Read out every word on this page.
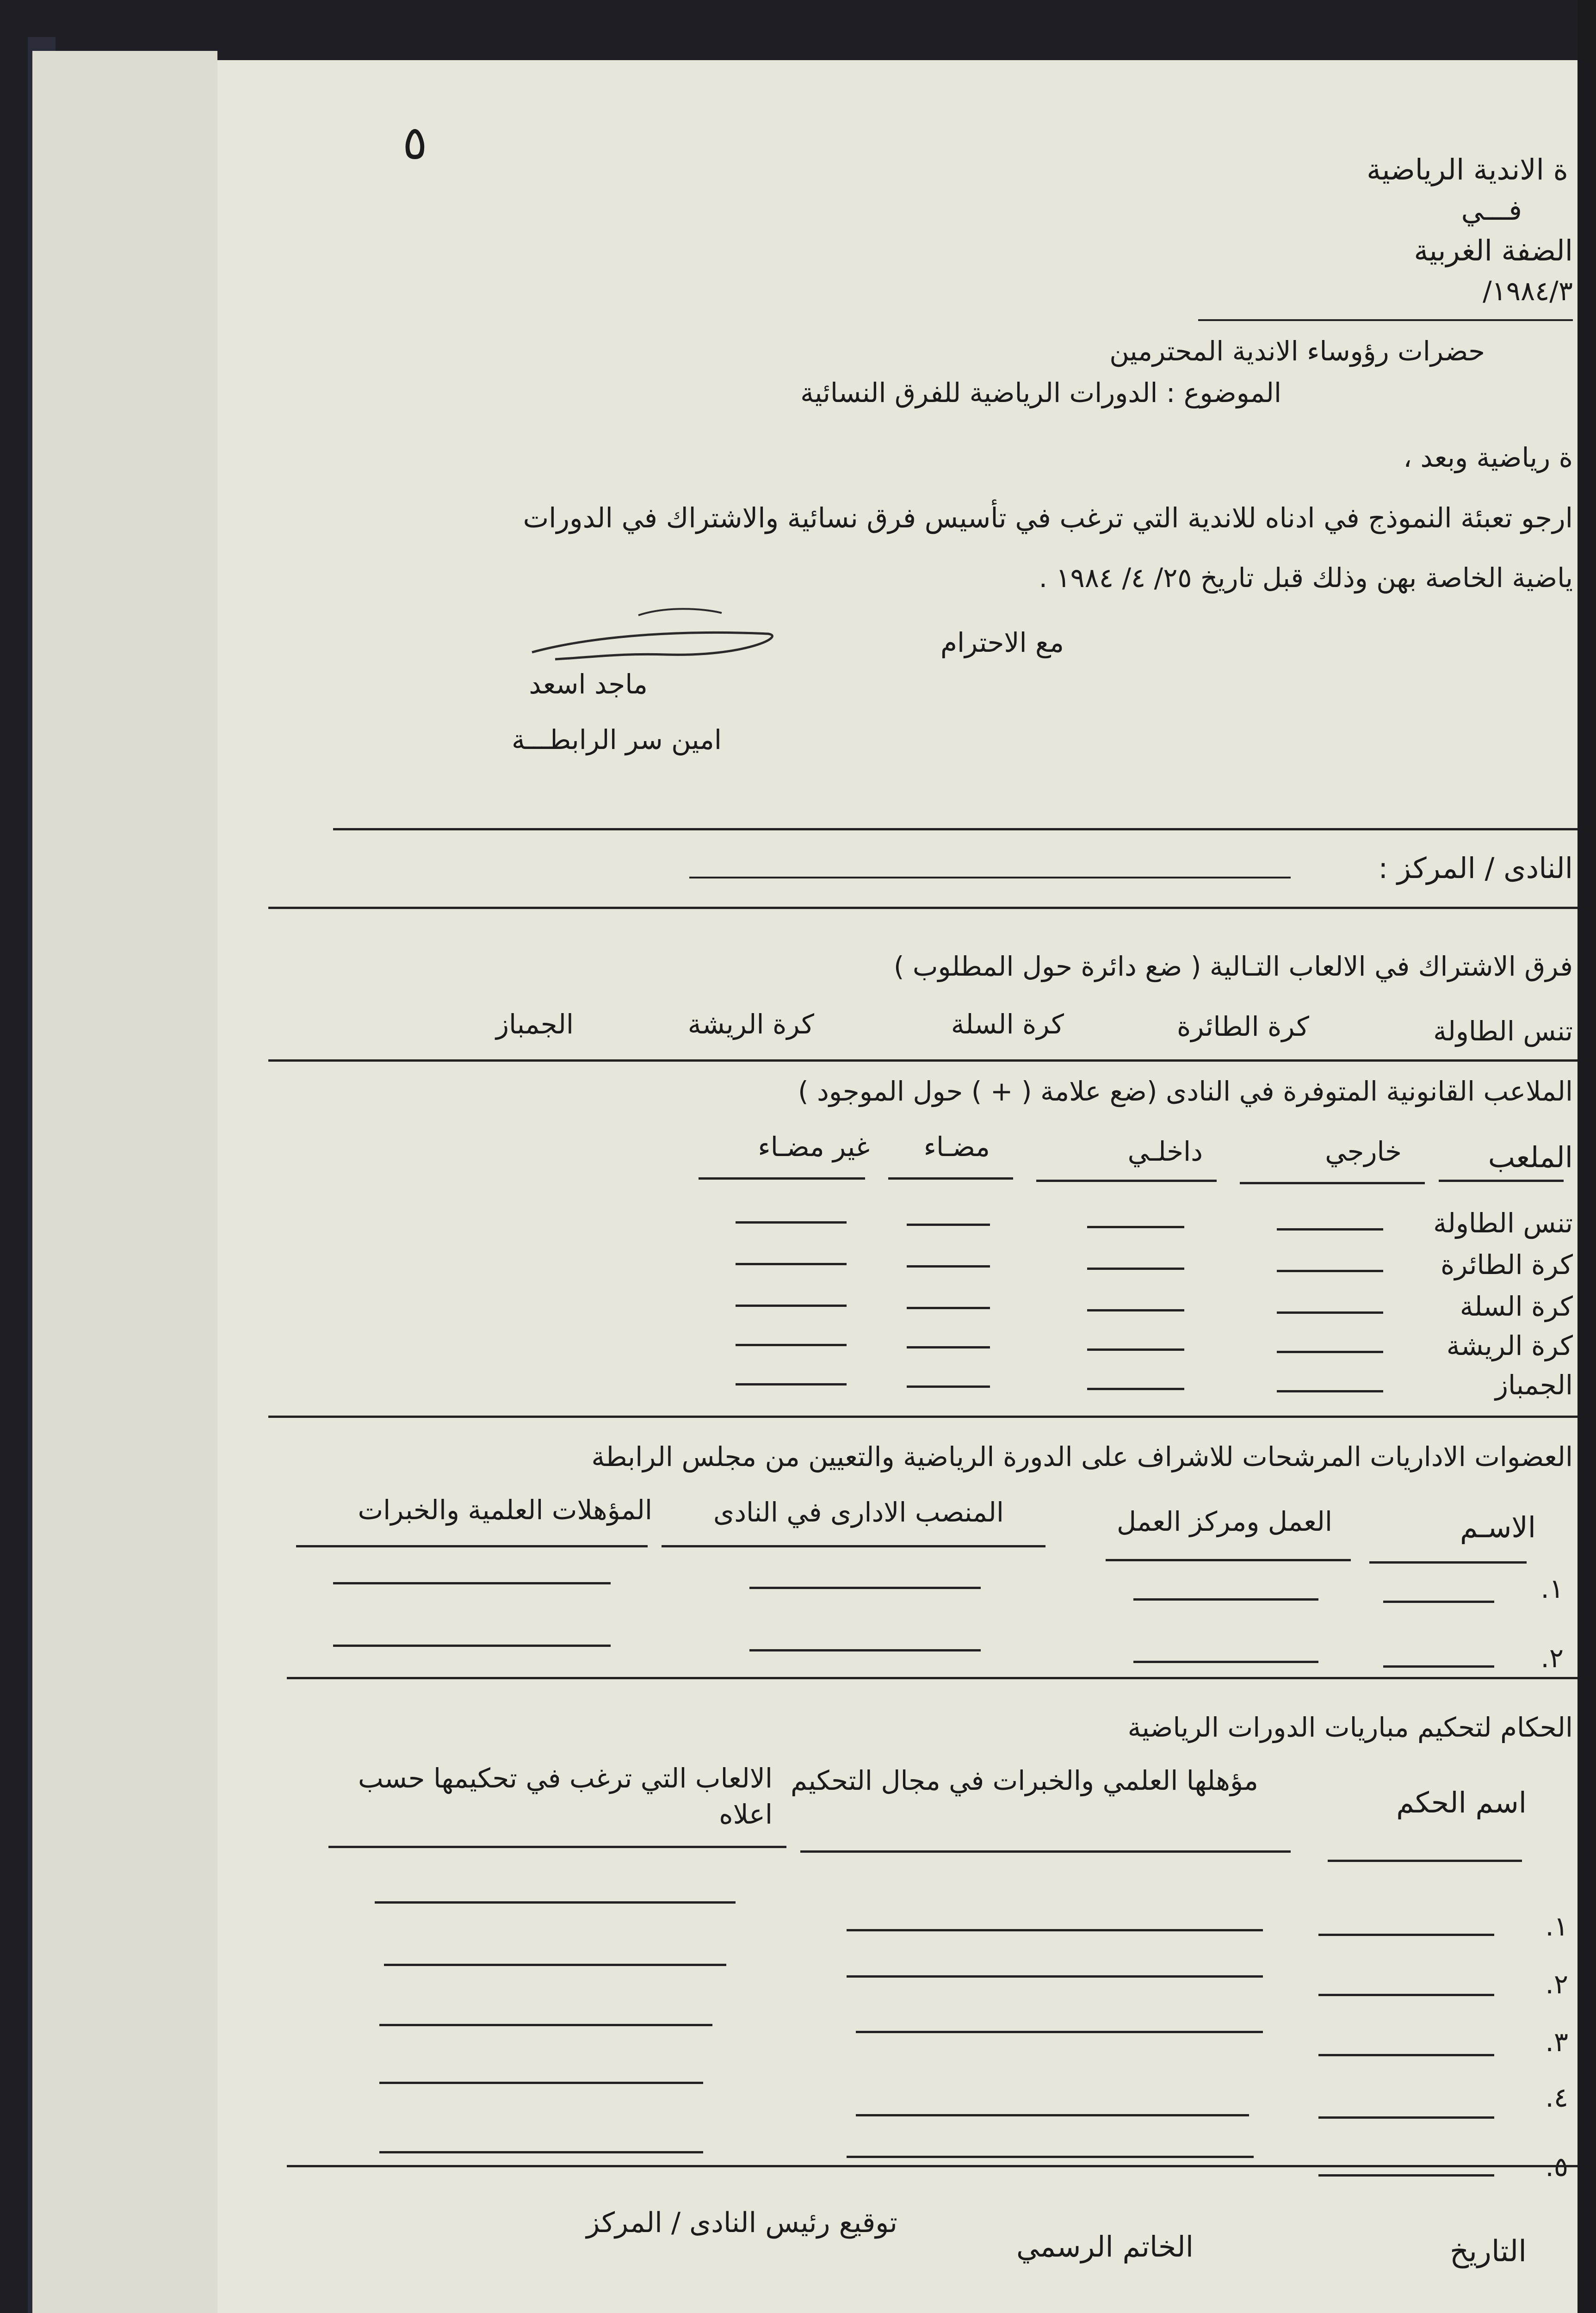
٥	ة الاندية الرياضية
فـــي
الضفة الغربية
١٩٨٤/٣/
حضرات رؤوساء الاندية المحترمين
الموضوع : الدورات الرياضية للفرق النسائية
ة رياضية وبعد ،
ارجو تعبئة النموذج في ادناه للاندية التي ترغب في تأسيس فرق نسائية والاشتراك في الدورات
ياضية الخاصة بهن وذلك قبل تاريخ ٢٥/ ٤/ ١٩٨٤ .
مع الاحترام
ماجد اسعد
امين سر الرابطـــة
النادى / المركز :
فرق الاشتراك في الالعاب التـالية ( ضع دائرة حول المطلوب )
تنس الطاولة
كرة الطائرة
كرة السلة
كرة الريشة
الجمباز
الملاعب القانونية المتوفرة في النادى (ضع علامة ( + ) حول الموجود )
الملعب
خارجي
داخلـي
مضـاء
غير مضـاء
تنس الطاولة
كرة الطائرة
كرة السلة
كرة الريشة
الجمباز
العضوات الاداريات المرشحات للاشراف على الدورة الرياضية والتعيين من مجلس الرابطة
الاسـم
العمل ومركز العمل
المنصب الادارى في النادى
المؤهلات العلمية والخبرات
١.
٢.
الحكام لتحكيم مباريات الدورات الرياضية
اسم الحكم
مؤهلها العلمي والخبرات في مجال التحكيم
الالعاب التي ترغب في تحكيمها حسب اعلاه
١.
٢.
٣.
٤.
التاريخ
الخاتم الرسمي
توقيع رئيس النادى / المركز
